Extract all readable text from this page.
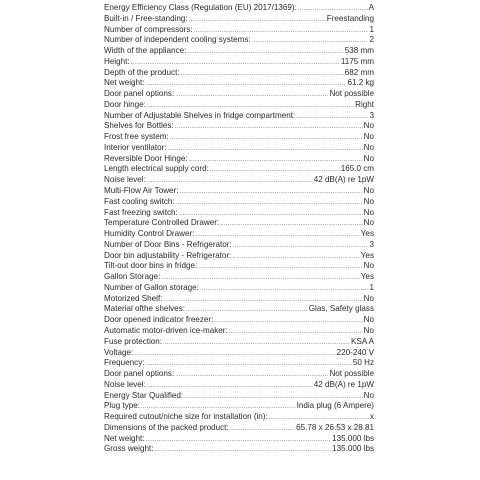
Energy Efficiency Class (Regulation (EU) 2017/1369): .....	A
Built-in / Free-standing: .....	Freestanding
Number of compressors: .....	1
Number of independent cooling systems: .....	2
Width of the appliance: .....	538 mm
Height: .....	1175 mm
Depth of the product: .....	682 mm
Net weight: .....	61.2 kg
Door panel options: .....	Not possible
Door hinge: .....	Right
Number of Adjustable Shelves in fridge compartment: .....	3
Shelves for Bottles: .....	No
Frost free system: .....	No
Interior ventilator: .....	No
Reversible Door Hinge: .....	No
Length electrical supply cord: .....	165.0 cm
Noise level: .....	42 dB(A) re 1pW
Multi-Flow Air Tower: .....	No
Fast cooling switch: .....	No
Fast freezing switch: .....	No
Temperature Controlled Drawer: .....	No
Humidity Control Drawer: .....	Yes
Number of Door Bins - Refrigerator: .....	3
Door bin adjustability - Refrigerator: .....	Yes
Tilt-out door bins in fridge: .....	No
Gallon Storage: .....	Yes
Number of Gallon storage: .....	1
Motorized Shelf: .....	No
Material ofthe shelves: .....	Glas, Safety glass
Door opened indicator freezer: .....	No
Automatic motor-driven ice-maker: .....	No
Fuse protection: .....	KSA A
Voltage: .....	220-240 V
Frequency: .....	50 Hz
Door panel options: .....	Not possible
Noise level: .....	42 dB(A) re 1pW
Energy Star Qualified: .....	No
Plug type: .....	India plug (6 Ampere)
Required cutout/niche size for installation (in): .....	x
Dimensions of the packed product: .....	65.78 x 26.53 x 28.81
Net weight: .....	135.000 lbs
Gross weight: .....	135.000 lbs
